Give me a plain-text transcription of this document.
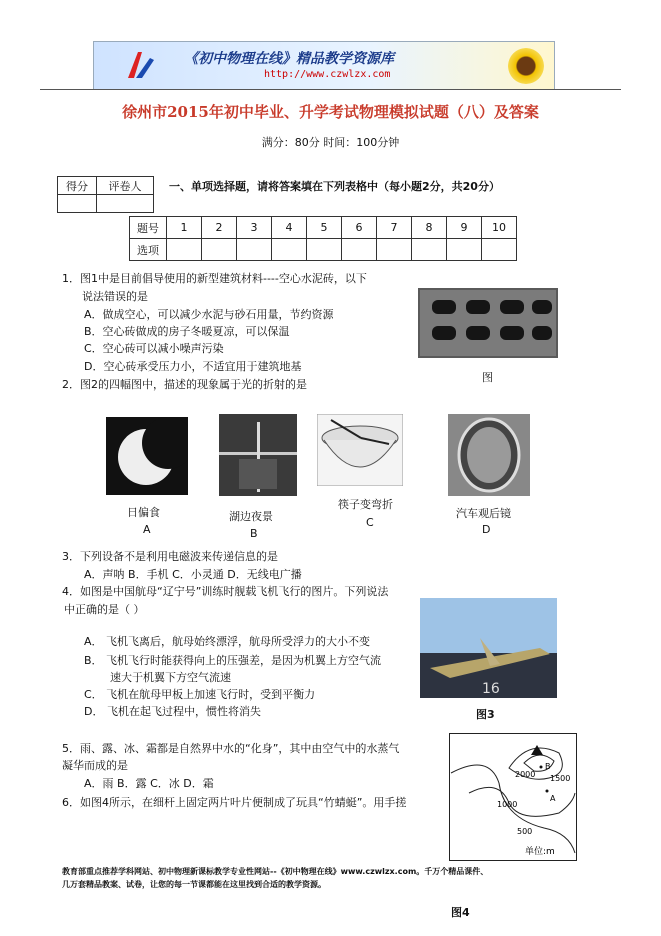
《初中物理在线》精品教学资源库
http://www.czwlzx.com
徐州市2015年初中毕业、升学考试物理模拟试题（八）及答案
满分：80分 时间：100分钟
得分	评卷人
		一、单项选择题，请将答案填在下列表格中（每小题2分，共20分）
题号	1	2	3	4	5	6	7	8	9	10
选项										
1．图1中是目前倡导使用的新型建筑材料----空心水泥砖，以下
说法错误的是
A．做成空心，可以减少水泥与砂石用量，节约资源
B．空心砖做成的房子冬暖夏凉，可以保温
C．空心砖可以减小噪声污染
D．空心砖承受压力小，不适宜用于建筑地基
图
2．图2的四幅图中，描述的现象属于光的折射的是
日偏食	湖边夜景
筷子变弯折
汽车观后镜
A	B
C
D
3．下列设备不是利用电磁波来传递信息的是
A．声呐 B．手机 C．小灵通 D．无线电广播
4．如图是中国航母“辽宁号”训练时舰载飞机飞行的图片。下列说法
中正确的是（ ）
A． 飞机飞离后，航母始终漂浮，航母所受浮力的大小不变
B． 飞机飞行时能获得向上的压强差，是因为机翼上方空气流
速大于机翼下方空气流速
C． 飞机在航母甲板上加速飞行时，受到平衡力
D． 飞机在起飞过程中，惯性将消失
16
图3
5．雨、露、冰、霜都是自然界中水的“化身”，其中由空气中的水蒸气
凝华而成的是
A．雨 B．露 C．冰 D．霜
6．如图4所示，在细杆上固定两片叶片便制成了玩具“竹蜻蜓”。用手搓
2000 1500
1000
500
B
A
单位:m
教育部重点推荐学科网站、初中物理新课标教学专业性网站--《初中物理在线》www.czwlzx.com。千万个精品课件、
几万套精品教案、试卷，让您的每一节课都能在这里找到合适的教学资源。
图4
